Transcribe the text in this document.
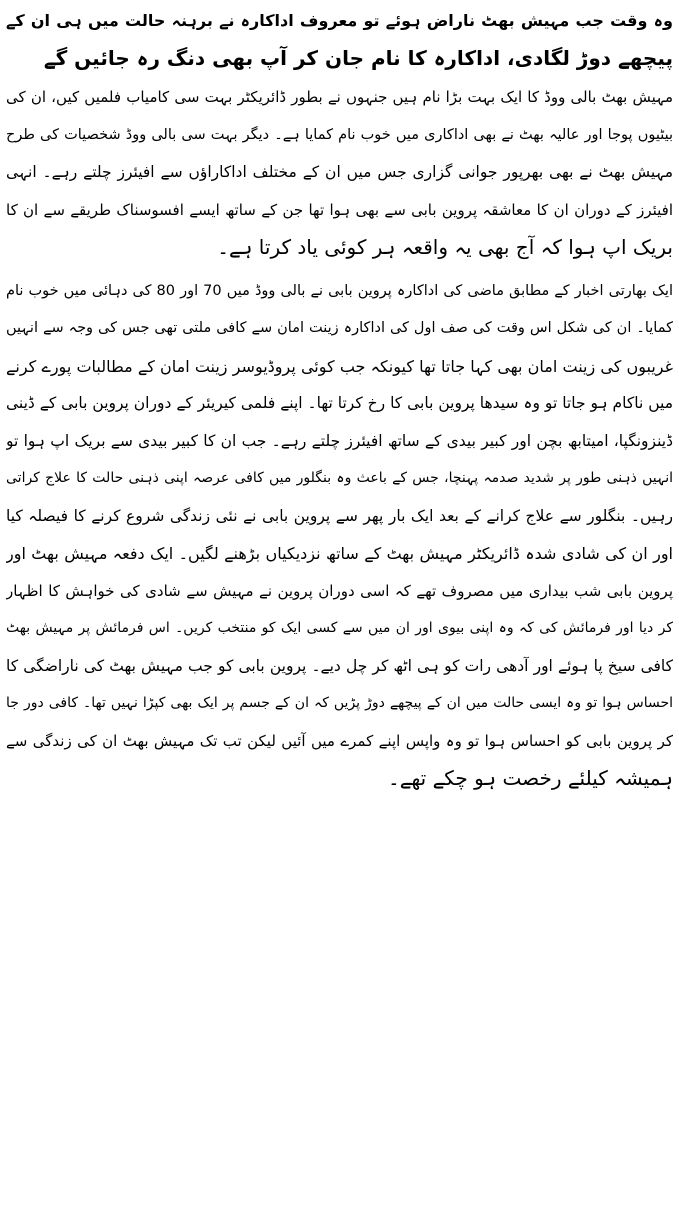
وہ وقت جب مہیش بھٹ ناراض ہوئے تو معروف اداکارہ نے برہنہ حالت میں ہی ان کے
پیچھے دوڑ لگادی، اداکارہ کا نام جان کر آپ بھی دنگ رہ جائیں گے
مہیش بھٹ بالی ووڈ کا ایک بہت بڑا نام ہیں جنہوں نے بطور ڈائریکٹر بہت سی کامیاب فلمیں کیں، ان کی
بیٹیوں پوجا اور عالیہ بھٹ نے بھی اداکاری میں خوب نام کمایا ہے۔ دیگر بہت سی بالی ووڈ شخصیات کی طرح
مہیش بھٹ نے بھی بھرپور جوانی گزاری جس میں ان کے مختلف اداکاراؤں سے افیئرز چلتے رہے۔ انہی
افیئرز کے دوران ان کا معاشقہ پروین بابی سے بھی ہوا تھا جن کے ساتھ ایسے افسوسناک طریقے سے ان کا
بریک اپ ہوا کہ آج بھی یہ واقعہ ہر کوئی یاد کرتا ہے۔
ایک بھارتی اخبار کے مطابق ماضی کی اداکارہ پروین بابی نے بالی ووڈ میں 70 اور 80 کی دہائی میں خوب نام
کمایا۔ ان کی شکل اس وقت کی صف اول کی اداکارہ زینت امان سے کافی ملتی تھی جس کی وجہ سے انہیں
غریبوں کی زینت امان بھی کہا جاتا تھا کیونکہ جب کوئی پروڈیوسر زینت امان کے مطالبات پورے کرنے
میں ناکام ہو جاتا تو وہ سیدھا پروین بابی کا رخ کرتا تھا۔ اپنے فلمی کیریئر کے دوران پروین بابی کے ڈینی
ڈینزونگپا، امیتابھ بچن اور کبیر بیدی کے ساتھ افیئرز چلتے رہے۔ جب ان کا کبیر بیدی سے بریک اپ ہوا تو
انہیں ذہنی طور پر شدید صدمہ پہنچا، جس کے باعث وہ بنگلور میں کافی عرصہ اپنی ذہنی حالت کا علاج کراتی
رہیں۔ بنگلور سے علاج کرانے کے بعد ایک بار پھر سے پروین بابی نے نئی زندگی شروع کرنے کا فیصلہ کیا
اور ان کی شادی شدہ ڈائریکٹر مہیش بھٹ کے ساتھ نزدیکیاں بڑھنے لگیں۔ ایک دفعہ مہیش بھٹ اور
پروین بابی شب بیداری میں مصروف تھے کہ اسی دوران پروین نے مہیش سے شادی کی خواہش کا اظہار
کر دیا اور فرمائش کی کہ وہ اپنی بیوی اور ان میں سے کسی ایک کو منتخب کریں۔ اس فرمائش پر مہیش بھٹ
کافی سیخ پا ہوئے اور آدھی رات کو ہی اٹھ کر چل دیے۔ پروین بابی کو جب مہیش بھٹ کی ناراضگی کا
احساس ہوا تو وہ ایسی حالت میں ان کے پیچھے دوڑ پڑیں کہ ان کے جسم پر ایک بھی کپڑا نہیں تھا۔ کافی دور جا
کر پروین بابی کو احساس ہوا تو وہ واپس اپنے کمرے میں آئیں لیکن تب تک مہیش بھٹ ان کی زندگی سے
ہمیشہ کیلئے رخصت ہو چکے تھے۔
